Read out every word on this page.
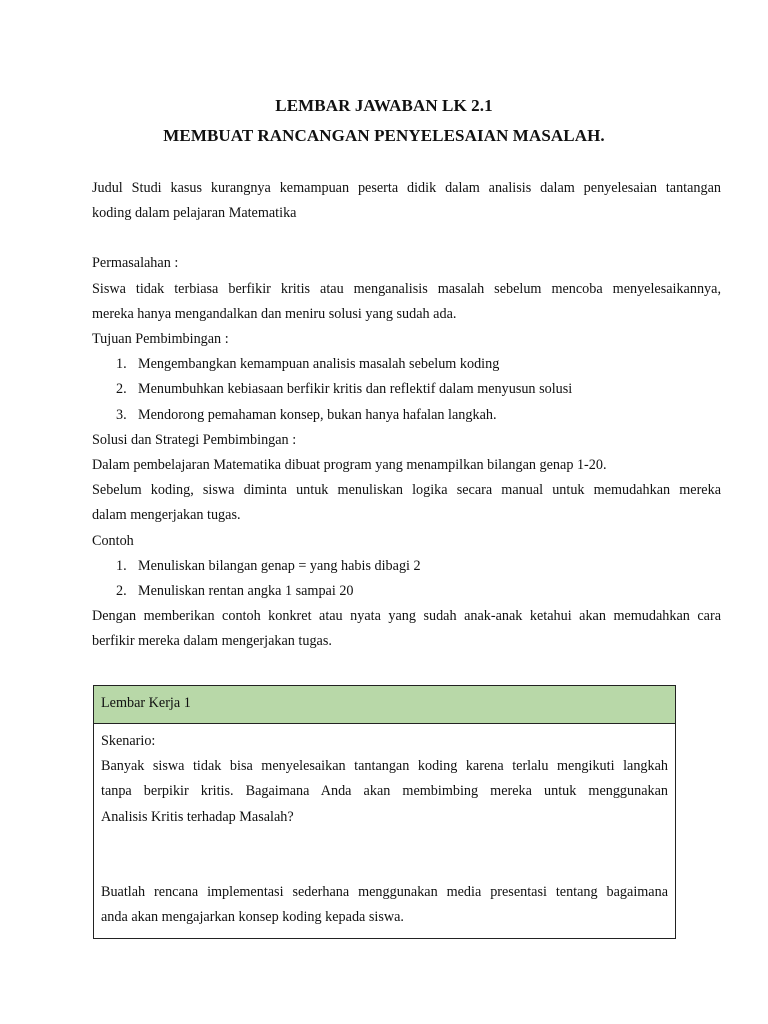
LEMBAR JAWABAN LK 2.1
MEMBUAT RANCANGAN PENYELESAIAN MASALAH.

Judul Studi kasus kurangnya kemampuan peserta didik dalam analisis dalam penyelesaian tantangan

koding dalam pelajaran Matematika

Permasalahan :

Siswa tidak terbiasa berfikir kritis atau menganalisis masalah sebelum mencoba menyelesaikannya,

mereka hanya mengandalkan dan meniru solusi yang sudah ada.

Tujuan Pembimbingan :

1. Mengembangkan kemampuan analisis masalah sebelum koding
2. Menumbuhkan kebiasaan berfikir kritis dan reflektif dalam menyusun solusi
3. Mendorong pemahaman konsep, bukan hanya hafalan langkah.

Solusi dan Strategi Pembimbingan :

Dalam pembelajaran Matematika dibuat program yang menampilkan bilangan genap 1-20.

Sebelum koding, siswa diminta untuk menuliskan logika secara manual untuk memudahkan mereka

dalam mengerjakan tugas.

Contoh

1. Menuliskan bilangan genap = yang habis dibagi 2
2. Menuliskan rentan angka 1 sampai 20

Dengan memberikan contoh konkret atau nyata yang sudah anak-anak ketahui akan memudahkan cara

berfikir mereka dalam mengerjakan tugas.

Lembar Kerja 1

Skenario:

Banyak siswa tidak bisa menyelesaikan tantangan koding karena terlalu mengikuti langkah

tanpa berpikir kritis. Bagaimana Anda akan membimbing mereka untuk menggunakan

Analisis Kritis terhadap Masalah?

Buatlah rencana implementasi sederhana menggunakan media presentasi tentang bagaimana

anda akan mengajarkan konsep koding kepada siswa.
